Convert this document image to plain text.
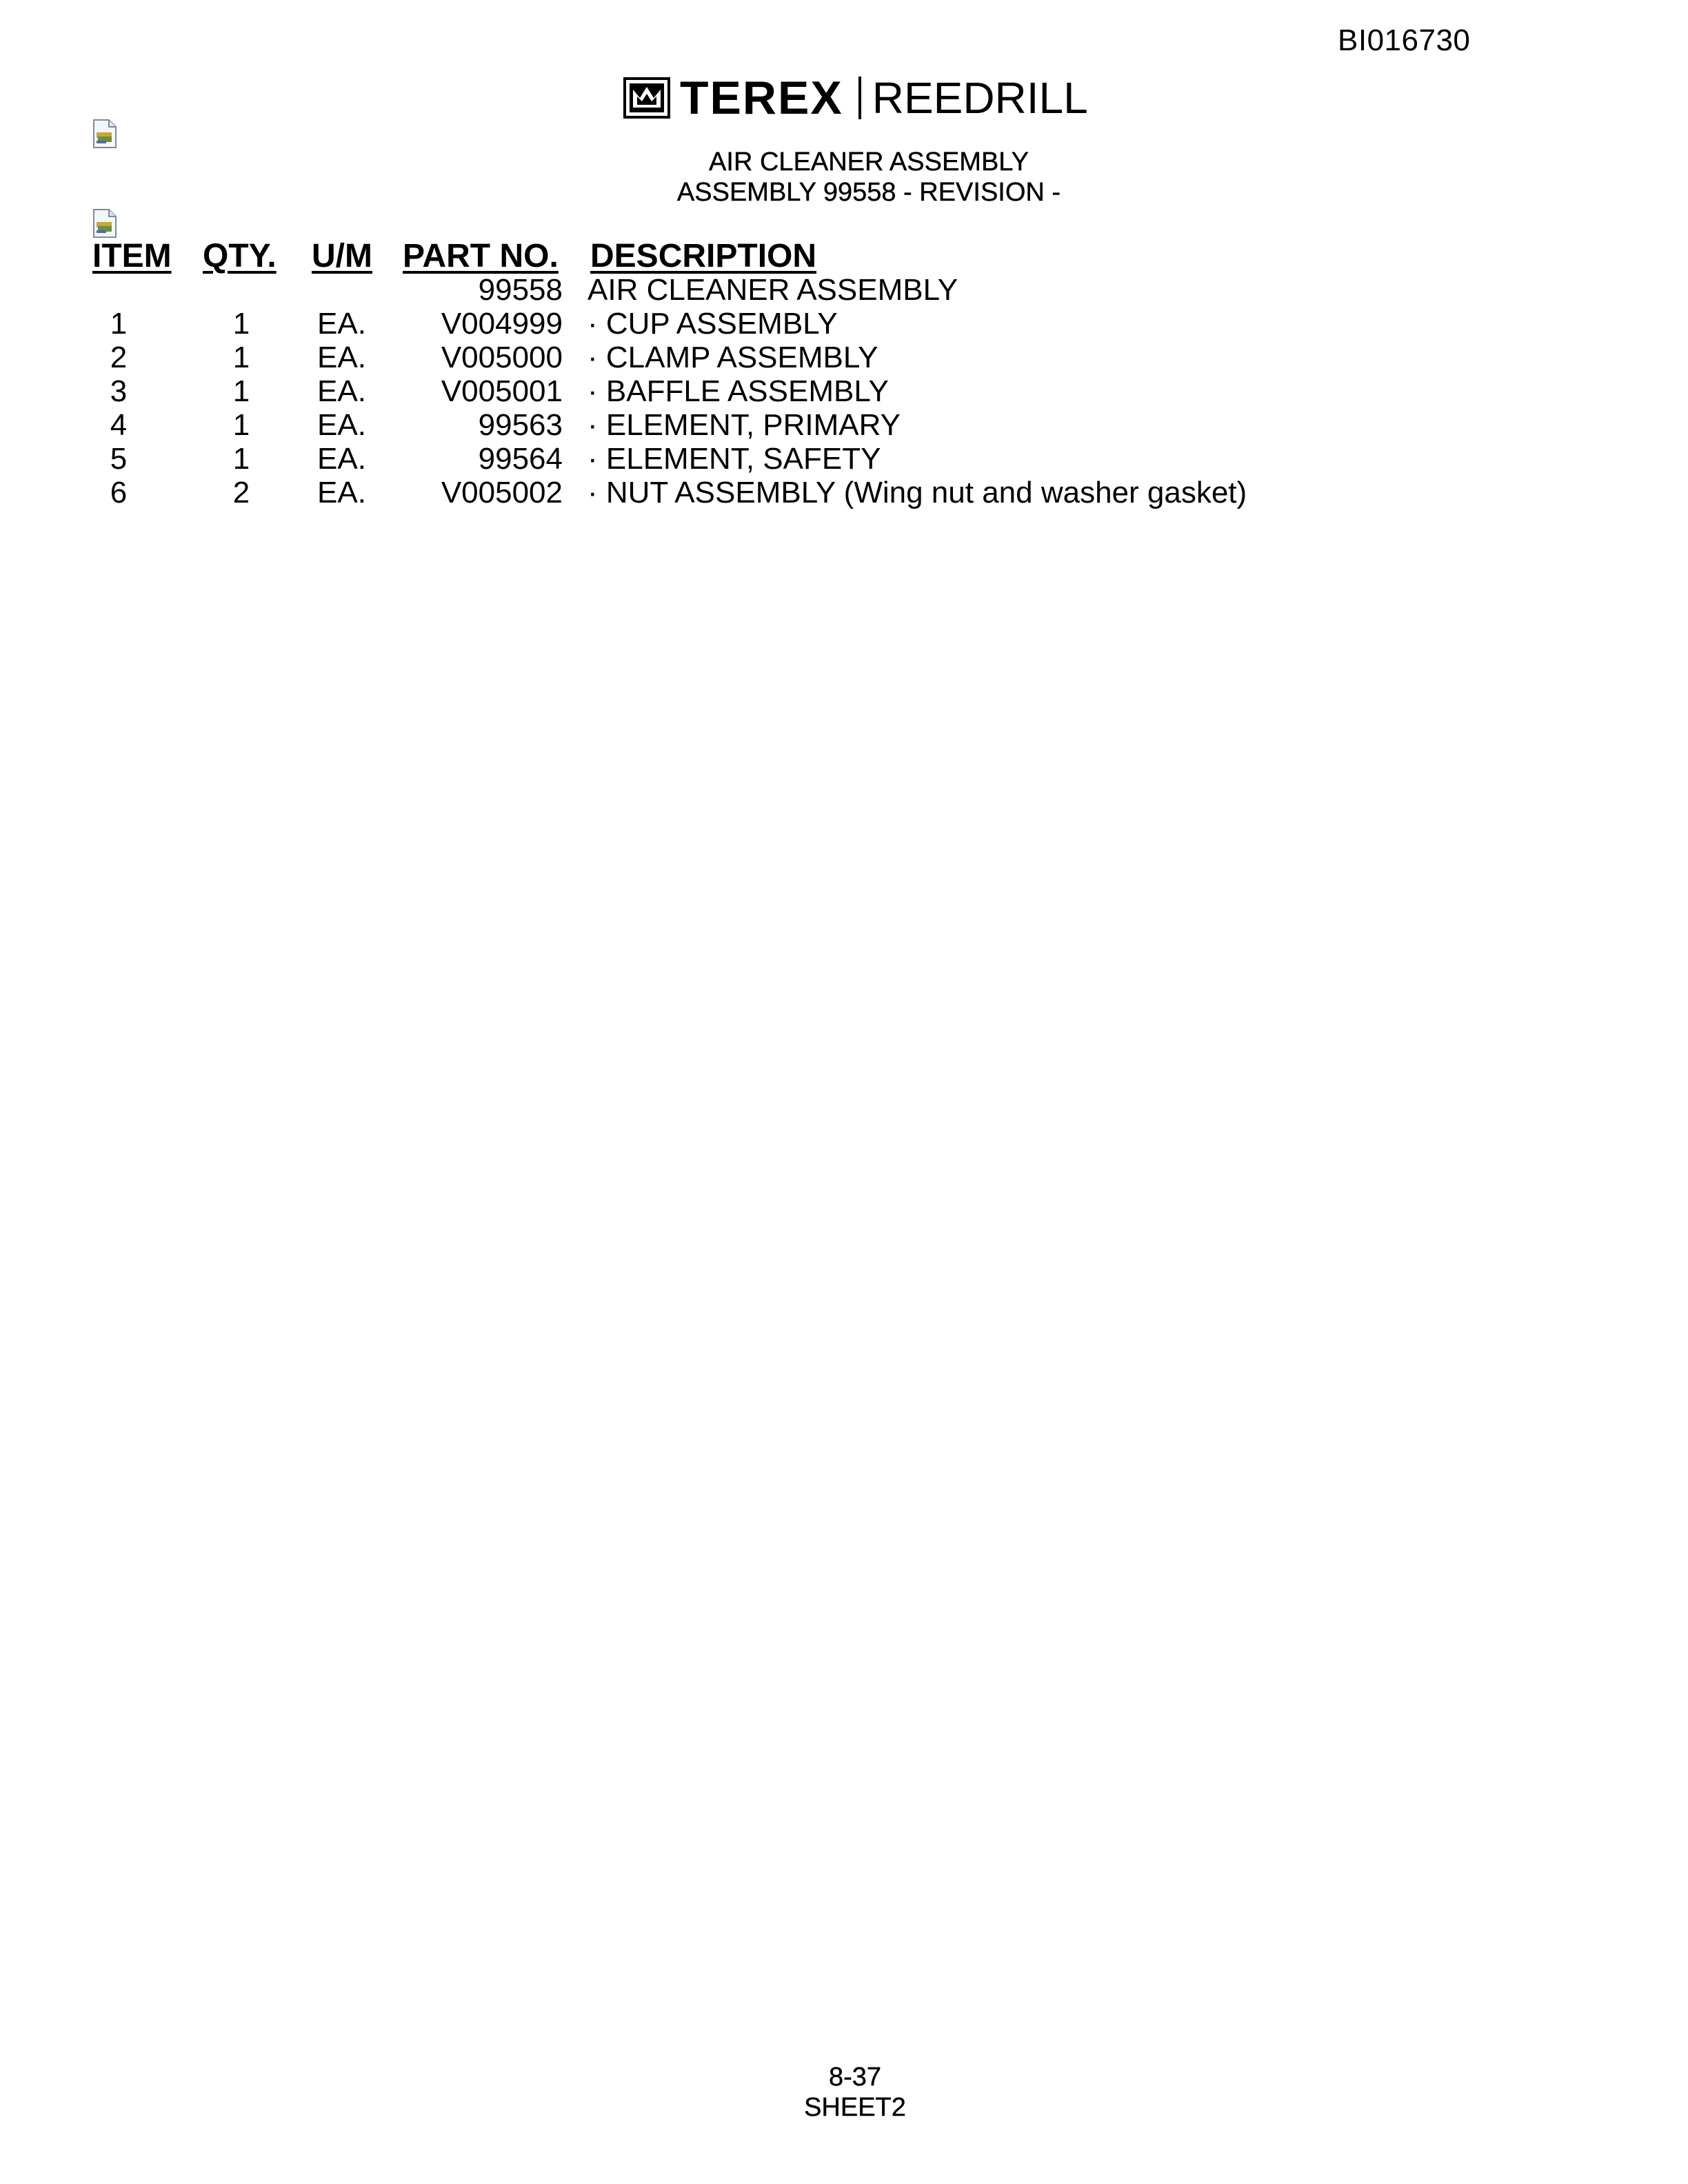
BI016730
TEREX REEDRILL
AIR CLEANER ASSEMBLY
ASSEMBLY 99558 - REVISION -
ITEM QTY. U/M PART NO. DESCRIPTION
99558 AIR CLEANER ASSEMBLY
1	1 EA. V004999 · CUP ASSEMBLY
2	1 EA. V005000 · CLAMP ASSEMBLY
3	1 EA. V005001 · BAFFLE ASSEMBLY
4	1 EA.	99563 · ELEMENT, PRIMARY
5	1 EA.	99564 · ELEMENT, SAFETY
6	2 EA. V005002 · NUT ASSEMBLY (Wing nut and washer gasket)
8-37
SHEET2
